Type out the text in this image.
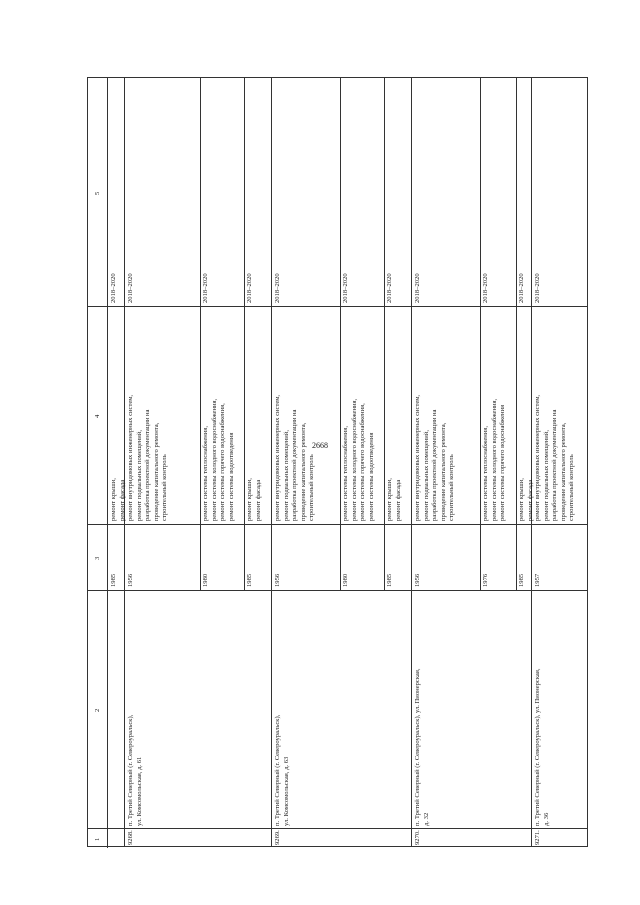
2668
1
2
3
4
5
1985
ремонт крыши, ремонт фасада
2018–2020
9268.
п. Третий Северный (г. Североуральск), ул. Комсомольская, д. 61
1956
ремонт внутридомовых инженерных систем, ремонт подвальных помещений, разработка проектной документации на проведение капитального ремонта, строительный контроль
2018–2020
1980
ремонт системы теплоснабжения, ремонт системы холодного водоснабжения, ремонт системы горячего водоснабжения, ремонт системы водоотведения
2018–2020
1985
ремонт крыши, ремонт фасада
2018–2020
9269.
п. Третий Северный (г. Североуральск), ул. Комсомольская, д. 63
1956
ремонт внутридомовых инженерных систем, ремонт подвальных помещений, разработка проектной документации на проведение капитального ремонта, строительный контроль
2018–2020
1980
ремонт системы теплоснабжения, ремонт системы холодного водоснабжения, ремонт системы горячего водоснабжения, ремонт системы водоотведения
2018–2020
1985
ремонт крыши, ремонт фасада
2018–2020
9270.
п. Третий Северный (г. Североуральск), ул. Пионерская, д. 32
1956
ремонт внутридомовых инженерных систем, ремонт подвальных помещений, разработка проектной документации на проведение капитального ремонта, строительный контроль
2018–2020
1976
ремонт системы теплоснабжения, ремонт системы холодного водоснабжения, ремонт системы горячего водоснабжения
2018–2020
1985
ремонт крыши, ремонт фасада
2018–2020
9271.
п. Третий Северный (г. Североуральск), ул. Пионерская, д. 36
1957
ремонт внутридомовых инженерных систем, ремонт подвальных помещений, разработка проектной документации на проведение капитального ремонта, строительный контроль
2018–2020
